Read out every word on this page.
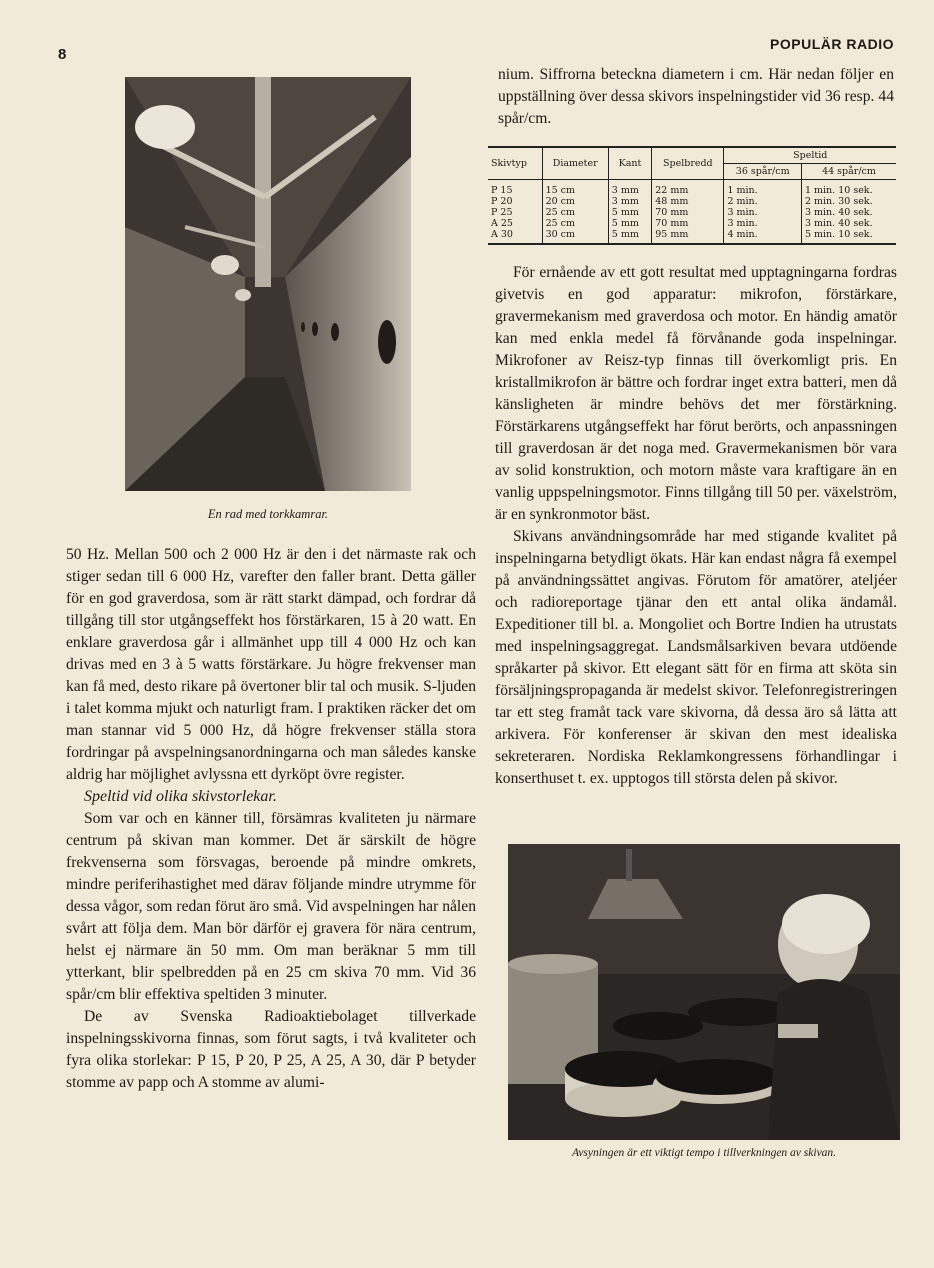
8
POPULÄR RADIO
En rad med torkkamrar.

50 Hz. Mellan 500 och 2 000 Hz är den i det närmaste rak och stiger sedan till 6 000 Hz, varefter den faller brant. Detta gäller för en god graverdosa, som är rätt starkt dämpad, och fordrar då tillgång till stor utgångseffekt hos förstärkaren, 15 à 20 watt. En enklare graverdosa går i allmänhet upp till 4 000 Hz och kan drivas med en 3 à 5 watts förstärkare. Ju högre frekvenser man kan få med, desto rikare på övertoner blir tal och musik. S-ljuden i talet komma mjukt och naturligt fram. I praktiken räcker det om man stannar vid 5 000 Hz, då högre frekvenser ställa stora fordringar på avspelningsanordningarna och man således kanske aldrig har möjlighet avlyssna ett dyrköpt övre register.

Speltid vid olika skivstorlekar.

Som var och en känner till, försämras kvaliteten ju närmare centrum på skivan man kommer. Det är särskilt de högre frekvenserna som försvagas, beroende på mindre omkrets, mindre periferihastighet med därav följande mindre utrymme för dessa vågor, som redan förut äro små. Vid avspelningen har nålen svårt att följa dem. Man bör därför ej gravera för nära centrum, helst ej närmare än 50 mm. Om man beräknar 5 mm till ytterkant, blir spelbredden på en 25 cm skiva 70 mm. Vid 36 spår/cm blir effektiva speltiden 3 minuter.

De av Svenska Radioaktiebolaget tillverkade inspelningsskivorna finnas, som förut sagts, i två kvaliteter och fyra olika storlekar: P 15, P 20, P 25, A 25, A 30, där P betyder stomme av papp och A stomme av alumi-

nium. Siffrorna beteckna diametern i cm. Här nedan följer en uppställning över dessa skivors inspelningstider vid 36 resp. 44 spår/cm.

Skivtyp	Diameter	Kant	Spelbredd	Speltid	
				36 spår/cm	44 spår/cm
P 15	15 cm	3 mm	22 mm	1 min.	1 min. 10 sek.
P 20	20 cm	3 mm	48 mm	2 min.	2 min. 30 sek.
P 25	25 cm	5 mm	70 mm	3 min.	3 min. 40 sek.
A 25	25 cm	5 mm	70 mm	3 min.	3 min. 40 sek.
A 30	30 cm	5 mm	95 mm	4 min.	5 min. 10 sek.

För ernående av ett gott resultat med upptagningarna fordras givetvis en god apparatur: mikrofon, förstärkare, gravermekanism med graverdosa och motor. En händig amatör kan med enkla medel få förvånande goda inspelningar. Mikrofoner av Reisz-typ finnas till överkomligt pris. En kristallmikrofon är bättre och fordrar inget extra batteri, men då känsligheten är mindre behövs det mer förstärkning. Förstärkarens utgångseffekt har förut berörts, och anpassningen till graverdosan är det noga med. Gravermekanismen bör vara av solid konstruktion, och motorn måste vara kraftigare än en vanlig uppspelningsmotor. Finns tillgång till 50 per. växelström, är en synkronmotor bäst.

Skivans användningsområde har med stigande kvalitet på inspelningarna betydligt ökats. Här kan endast några få exempel på användningssättet angivas. Förutom för amatörer, ateljéer och radioreportage tjänar den ett antal olika ändamål. Expeditioner till bl. a. Mongoliet och Bortre Indien ha utrustats med inspelningsaggregat. Landsmålsarkiven bevara utdöende språkarter på skivor. Ett elegant sätt för en firma att sköta sin försäljningspropaganda är medelst skivor. Telefonregistreringen tar ett steg framåt tack vare skivorna, då dessa äro så lätta att arkivera. För konferenser är skivan den mest idealiska sekreteraren. Nordiska Reklamkongressens förhandlingar i konserthuset t. ex. upptogos till största delen på skivor.

Avsyningen är ett viktigt tempo i tillverkningen av skivan.
